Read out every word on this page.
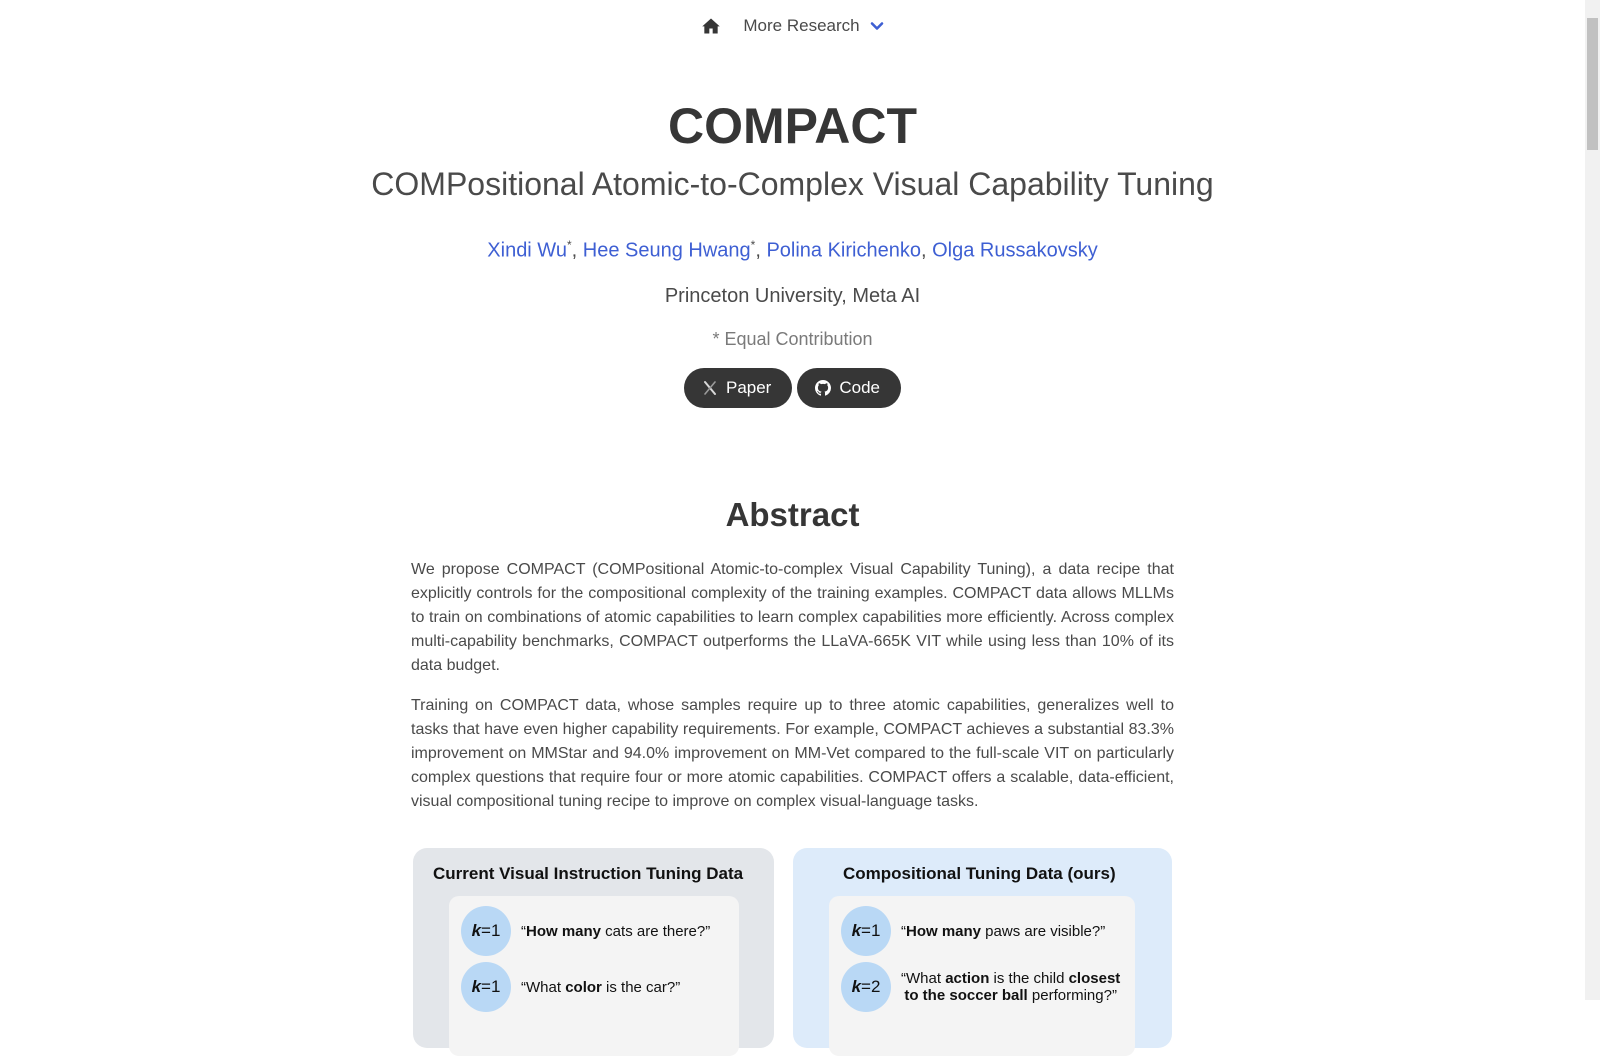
More Research
COMPACT
COMPositional Atomic-to-Complex Visual Capability Tuning
Xindi Wu*, Hee Seung Hwang*, Polina Kirichenko, Olga Russakovsky
Princeton University, Meta AI
* Equal Contribution
Paper	Code
Abstract

We propose COMPACT (COMPositional Atomic-to-complex Visual Capability Tuning), a data recipe that explicitly controls for the compositional complexity of the training examples. COMPACT data allows MLLMs to train on combinations of atomic capabilities to learn complex capabilities more efficiently. Across complex multi-capability benchmarks, COMPACT outperforms the LLaVA-665K VIT while using less than 10% of its data budget.

Training on COMPACT data, whose samples require up to three atomic capabilities, generalizes well to tasks that have even higher capability requirements. For example, COMPACT achieves a substantial 83.3% improvement on MMStar and 94.0% improvement on MM-Vet compared to the full-scale VIT on particularly complex questions that require four or more atomic capabilities. COMPACT offers a scalable, data-efficient, visual compositional tuning recipe to improve on complex visual-language tasks.

Current Visual Instruction Tuning Data
k =1 “How many cats are there?”
k =1 “What color is the car?”
Compositional Tuning Data (ours)
k =1 “How many paws are visible?”
k =2 “What action is the child closest
to the soccer ball performing?”
